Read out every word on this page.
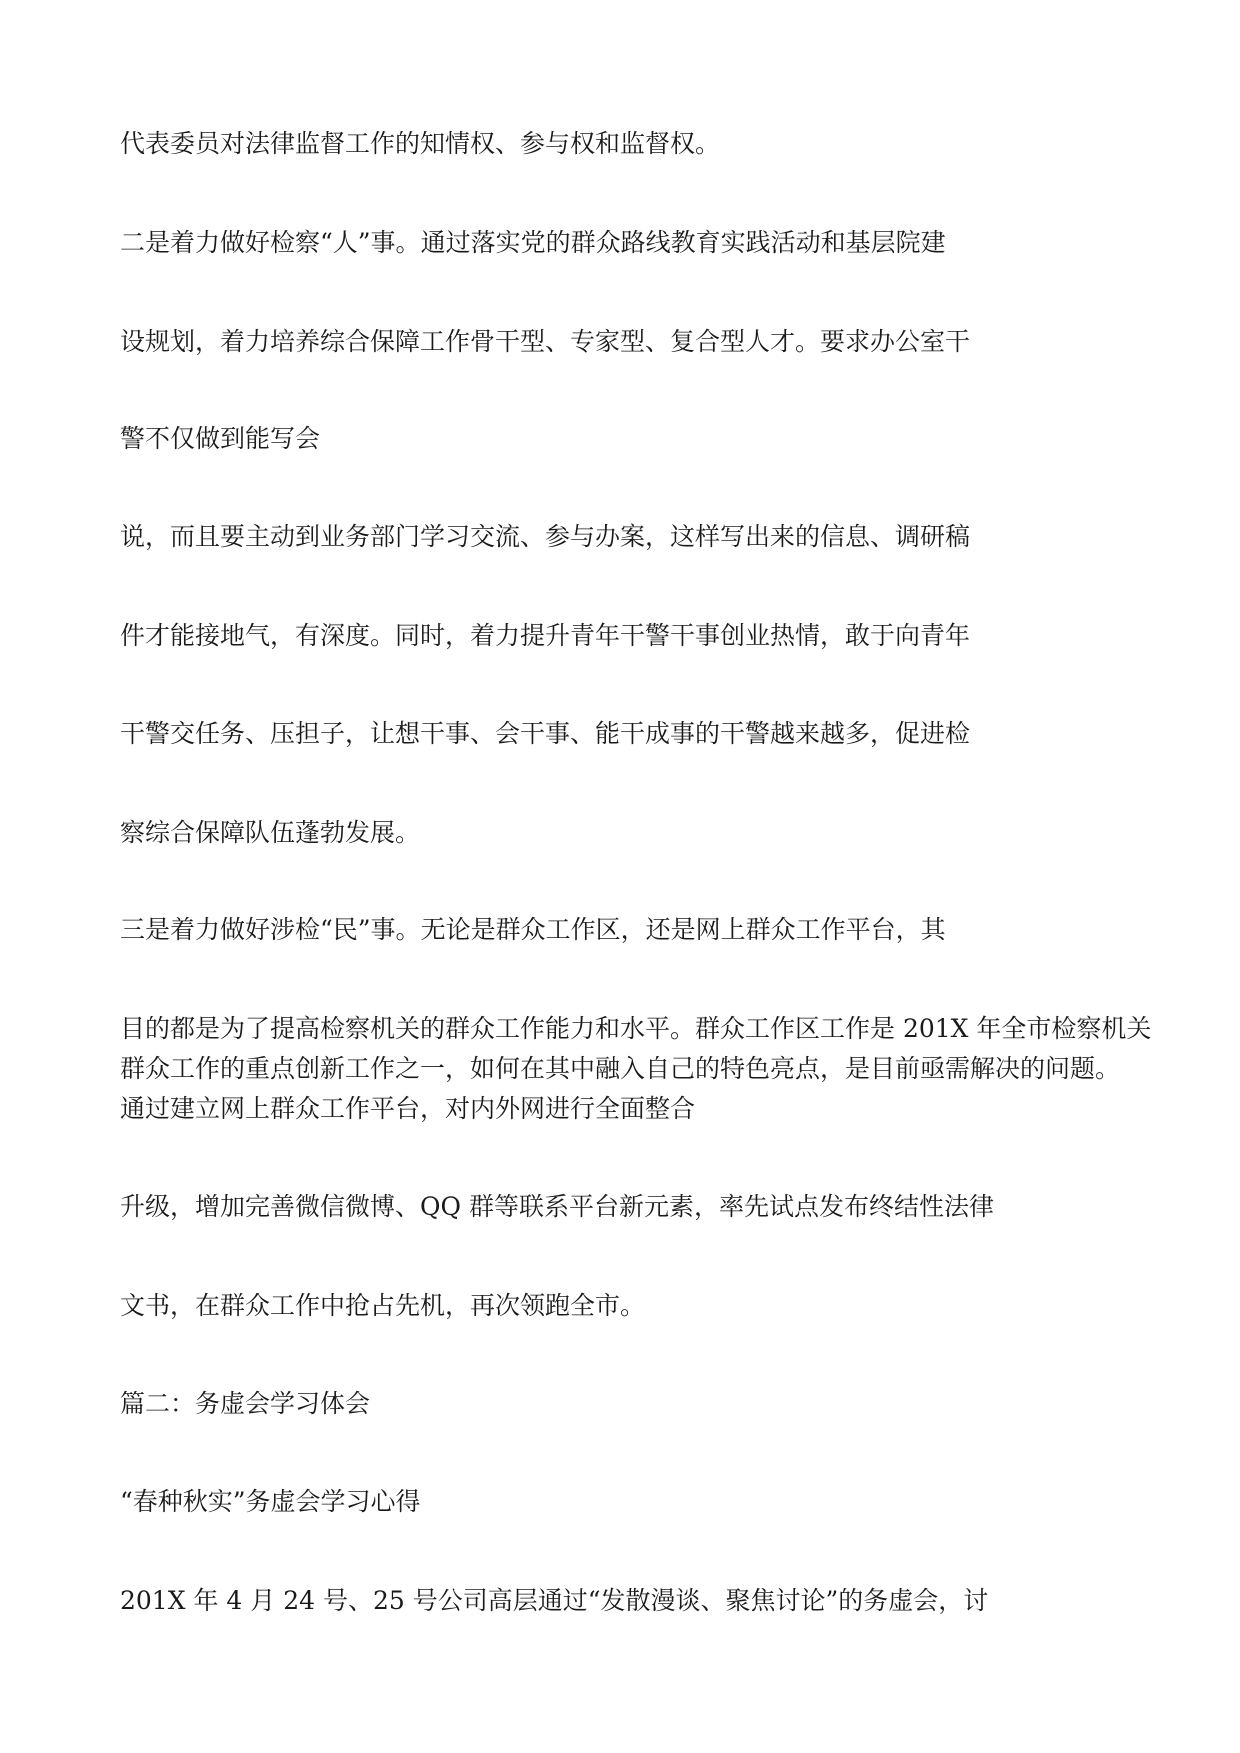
代表委员对法律监督工作的知情权、参与权和监督权。

二是着力做好检察“人”事。通过落实党的群众路线教育实践活动和基层院建

设规划，着力培养综合保障工作骨干型、专家型、复合型人才。要求办公室干

警不仅做到能写会

说，而且要主动到业务部门学习交流、参与办案，这样写出来的信息、调研稿

件才能接地气，有深度。同时，着力提升青年干警干事创业热情，敢于向青年

干警交任务、压担子，让想干事、会干事、能干成事的干警越来越多，促进检

察综合保障队伍蓬勃发展。

三是着力做好涉检“民”事。无论是群众工作区，还是网上群众工作平台，其

目的都是为了提高检察机关的群众工作能力和水平。群众工作区工作是 201X 年全市检察机关

群众工作的重点创新工作之一，如何在其中融入自己的特色亮点，是目前亟需解决的问题。

通过建立网上群众工作平台，对内外网进行全面整合

升级，增加完善微信微博、QQ 群等联系平台新元素，率先试点发布终结性法律

文书，在群众工作中抢占先机，再次领跑全市。

篇二：务虚会学习体会

“春种秋实”务虚会学习心得

201X 年 4 月 24 号、25 号公司高层通过“发散漫谈、聚焦讨论”的务虚会，讨
